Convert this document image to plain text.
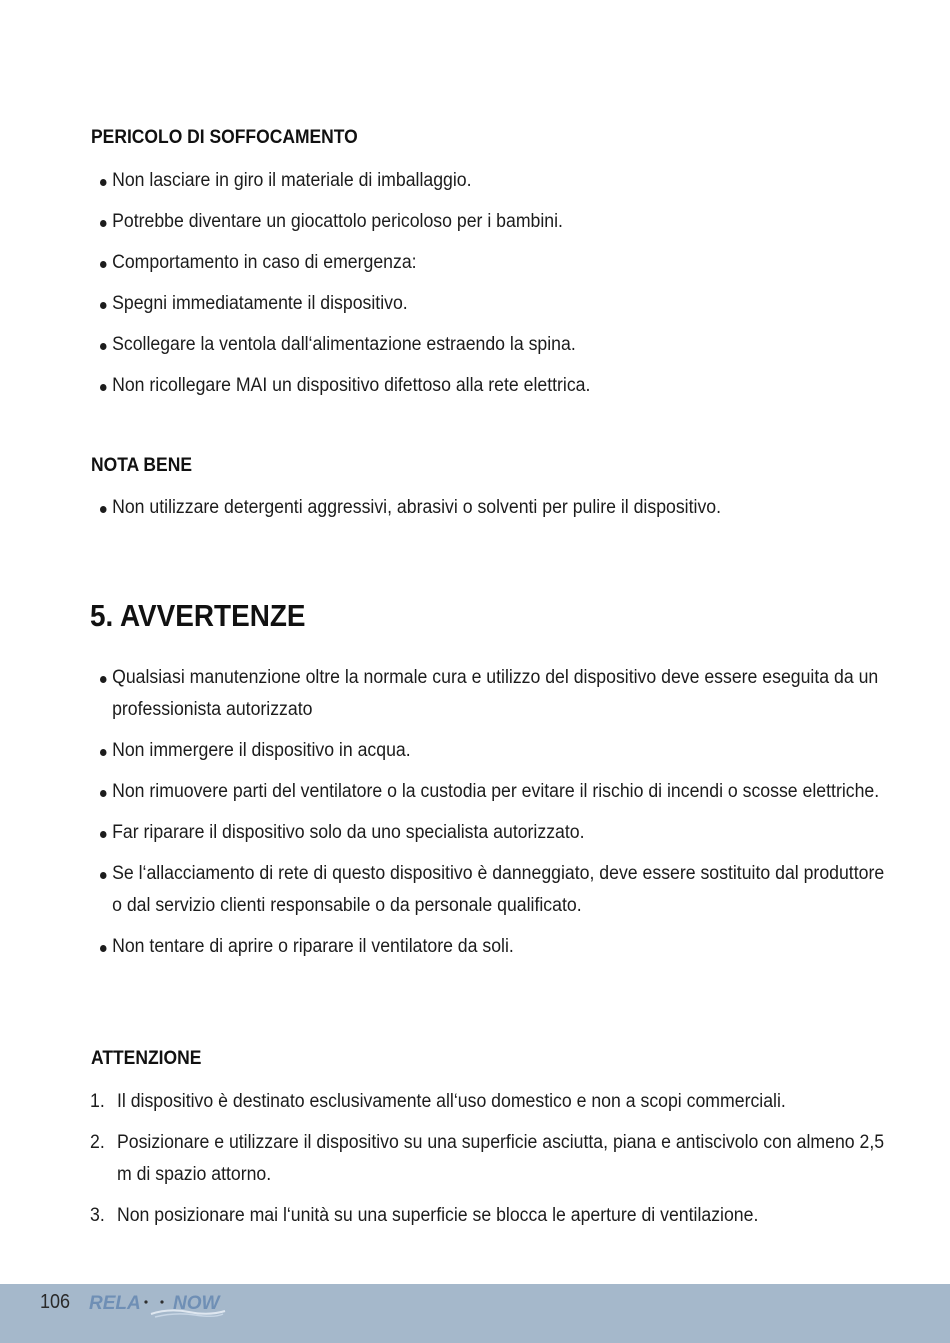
PERICOLO DI SOFFOCAMENTO
Non lasciare in giro il materiale di imballaggio.
Potrebbe diventare un giocattolo pericoloso per i bambini.
Comportamento in caso di emergenza:
Spegni immediatamente il dispositivo.
Scollegare la ventola dall‘alimentazione estraendo la spina.
Non ricollegare MAI un dispositivo difettoso alla rete elettrica.
NOTA BENE
Non utilizzare detergenti aggressivi, abrasivi o solventi per pulire il dispositivo.
5. AVVERTENZE
Qualsiasi manutenzione oltre la normale cura e utilizzo del dispositivo deve essere eseguita da un professionista autorizzato
Non immergere il dispositivo in acqua.
Non rimuovere parti del ventilatore o la custodia per evitare il rischio di incendi o scosse elettriche.
Far riparare il dispositivo solo da uno specialista autorizzato.
Se l‘allacciamento di rete di questo dispositivo è danneggiato, deve essere sostituito dal produttore o dal servizio clienti responsabile o da personale qualificato.
Non tentare di aprire o riparare il ventilatore da soli.
ATTENZIONE
1. Il dispositivo è destinato esclusivamente all‘uso domestico e non a scopi commerciali.
2. Posizionare e utilizzare il dispositivo su una superficie asciutta, piana e antiscivolo con almeno 2,5 m di spazio attorno.
3. Non posizionare mai l‘unità su una superficie se blocca le aperture di ventilazione.
106 RELA NOW
